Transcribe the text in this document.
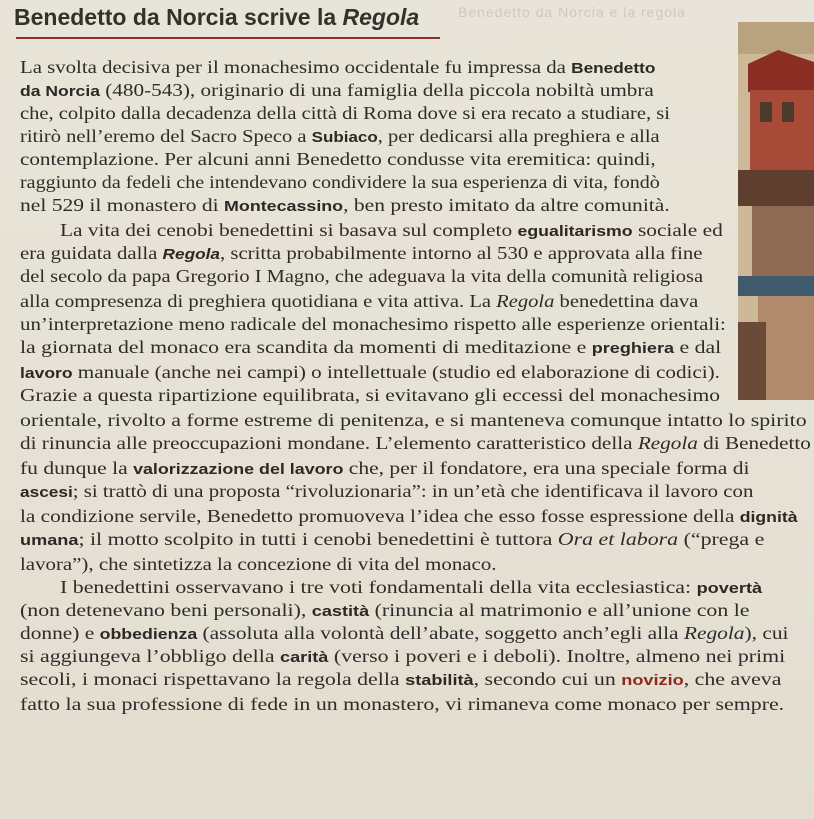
Benedetto da Norcia e la regola
Benedetto da Norcia scrive la Regola

La svolta decisiva per il monachesimo occidentale fu impressa da Benedetto

da Norcia (480-543), originario di una famiglia della piccola nobiltà umbra

che, colpito dalla decadenza della città di Roma dove si era recato a studiare, si

ritirò nell’eremo del Sacro Speco a Subiaco, per dedicarsi alla preghiera e alla

contemplazione. Per alcuni anni Benedetto condusse vita eremitica: quindi,

raggiunto da fedeli che intendevano condividere la sua esperienza di vita, fondò

nel 529 il monastero di Montecassino, ben presto imitato da altre comunità.

La vita dei cenobi benedettini si basava sul completo egualitarismo sociale ed

era guidata dalla Regola, scritta probabilmente intorno al 530 e approvata alla fine

del secolo da papa Gregorio I Magno, che adeguava la vita della comunità religiosa

alla compresenza di preghiera quotidiana e vita attiva. La Regola benedettina dava

un’interpretazione meno radicale del monachesimo rispetto alle esperienze orientali:

la giornata del monaco era scandita da momenti di meditazione e preghiera e dal

lavoro manuale (anche nei campi) o intellettuale (studio ed elaborazione di codici).

Grazie a questa ripartizione equilibrata, si evitavano gli eccessi del monachesimo

orientale, rivolto a forme estreme di penitenza, e si manteneva comunque intatto lo spirito

di rinuncia alle preoccupazioni mondane. L’elemento caratteristico della Regola di Benedetto

fu dunque la valorizzazione del lavoro che, per il fondatore, era una speciale forma di

ascesi; si trattò di una proposta “rivoluzionaria”: in un’età che identificava il lavoro con

la condizione servile, Benedetto promuoveva l’idea che esso fosse espressione della dignità

umana; il motto scolpito in tutti i cenobi benedettini è tuttora Ora et labora (“prega e

lavora”), che sintetizza la concezione di vita del monaco.

I benedettini osservavano i tre voti fondamentali della vita ecclesiastica: povertà

(non detenevano beni personali), castità (rinuncia al matrimonio e all’unione con le

donne) e obbedienza (assoluta alla volontà dell’abate, soggetto anch’egli alla Regola), cui

si aggiungeva l’obbligo della carità (verso i poveri e i deboli). Inoltre, almeno nei primi

secoli, i monaci rispettavano la regola della stabilità, secondo cui un novizio, che aveva

fatto la sua professione di fede in un monastero, vi rimaneva come monaco per sempre.
